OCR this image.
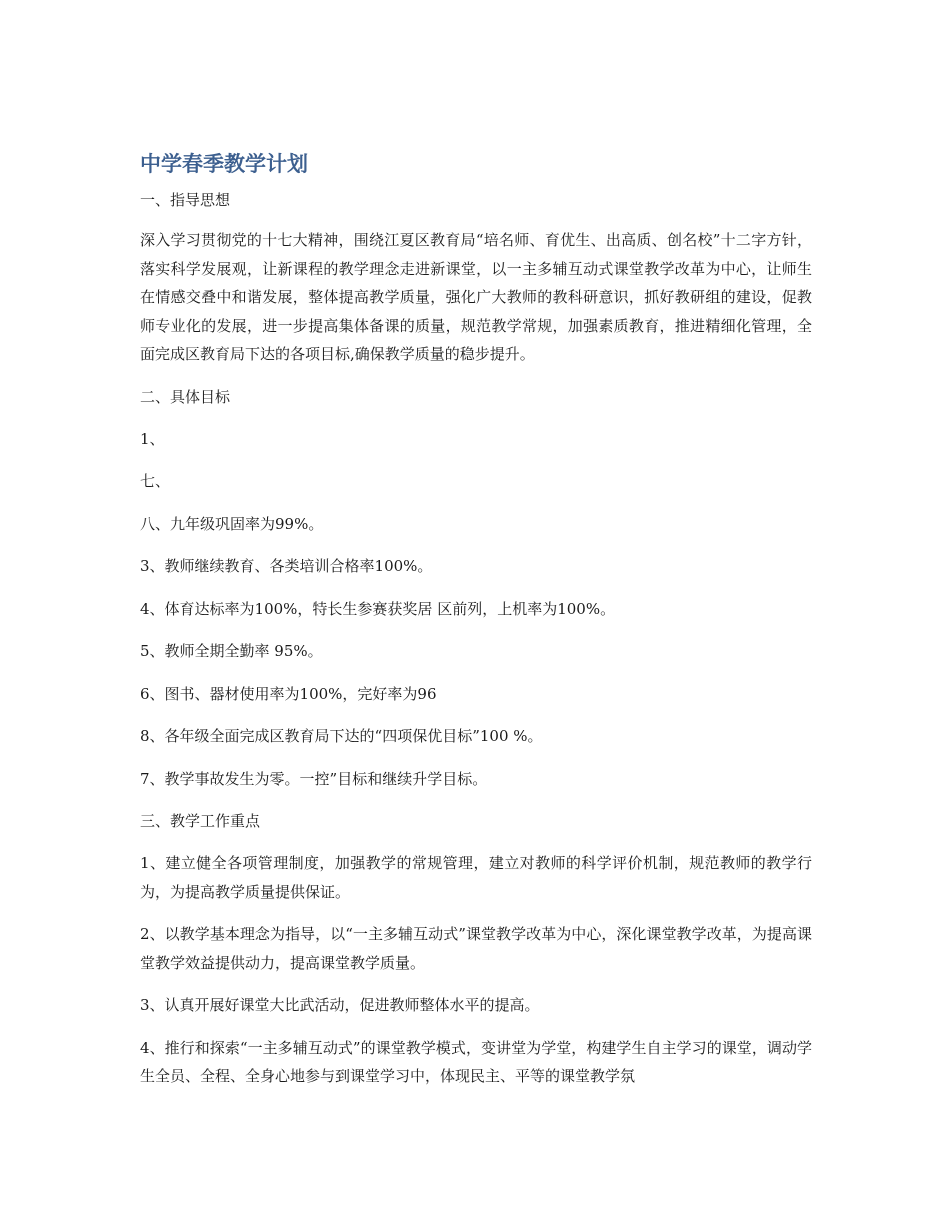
中学春季教学计划
一、指导思想

深入学习贯彻党的十七大精神，围绕江夏区教育局“培名师、育优生、出高质、创名校”十二字方针，落实科学发展观，让新课程的教学理念走进新课堂，以一主多辅互动式课堂教学改革为中心，让师生在情感交叠中和谐发展，整体提高教学质量，强化广大教师的教科研意识，抓好教研组的建设，促教师专业化的发展，进一步提高集体备课的质量，规范教学常规，加强素质教育，推进精细化管理，全面完成区教育局下达的各项目标,确保教学质量的稳步提升。

二、具体目标

1、

七、

八、九年级巩固率为99%。

3、教师继续教育、各类培训合格率100%。

4、体育达标率为100%，特长生参赛获奖居 区前列，上机率为100%。

5、教师全期全勤率 95%。

6、图书、器材使用率为100%，完好率为96

8、各年级全面完成区教育局下达的“四项保优目标”100 %。

7、教学事故发生为零。一控”目标和继续升学目标。

三、教学工作重点

1、建立健全各项管理制度，加强教学的常规管理，建立对教师的科学评价机制，规范教师的教学行为，为提高教学质量提供保证。

2、以教学基本理念为指导，以“一主多辅互动式”课堂教学改革为中心，深化课堂教学改革，为提高课堂教学效益提供动力，提高课堂教学质量。

3、认真开展好课堂大比武活动，促进教师整体水平的提高。

4、推行和探索“一主多辅互动式”的课堂教学模式，变讲堂为学堂，构建学生自主学习的课堂，调动学生全员、全程、全身心地参与到课堂学习中，体现民主、平等的课堂教学氛
